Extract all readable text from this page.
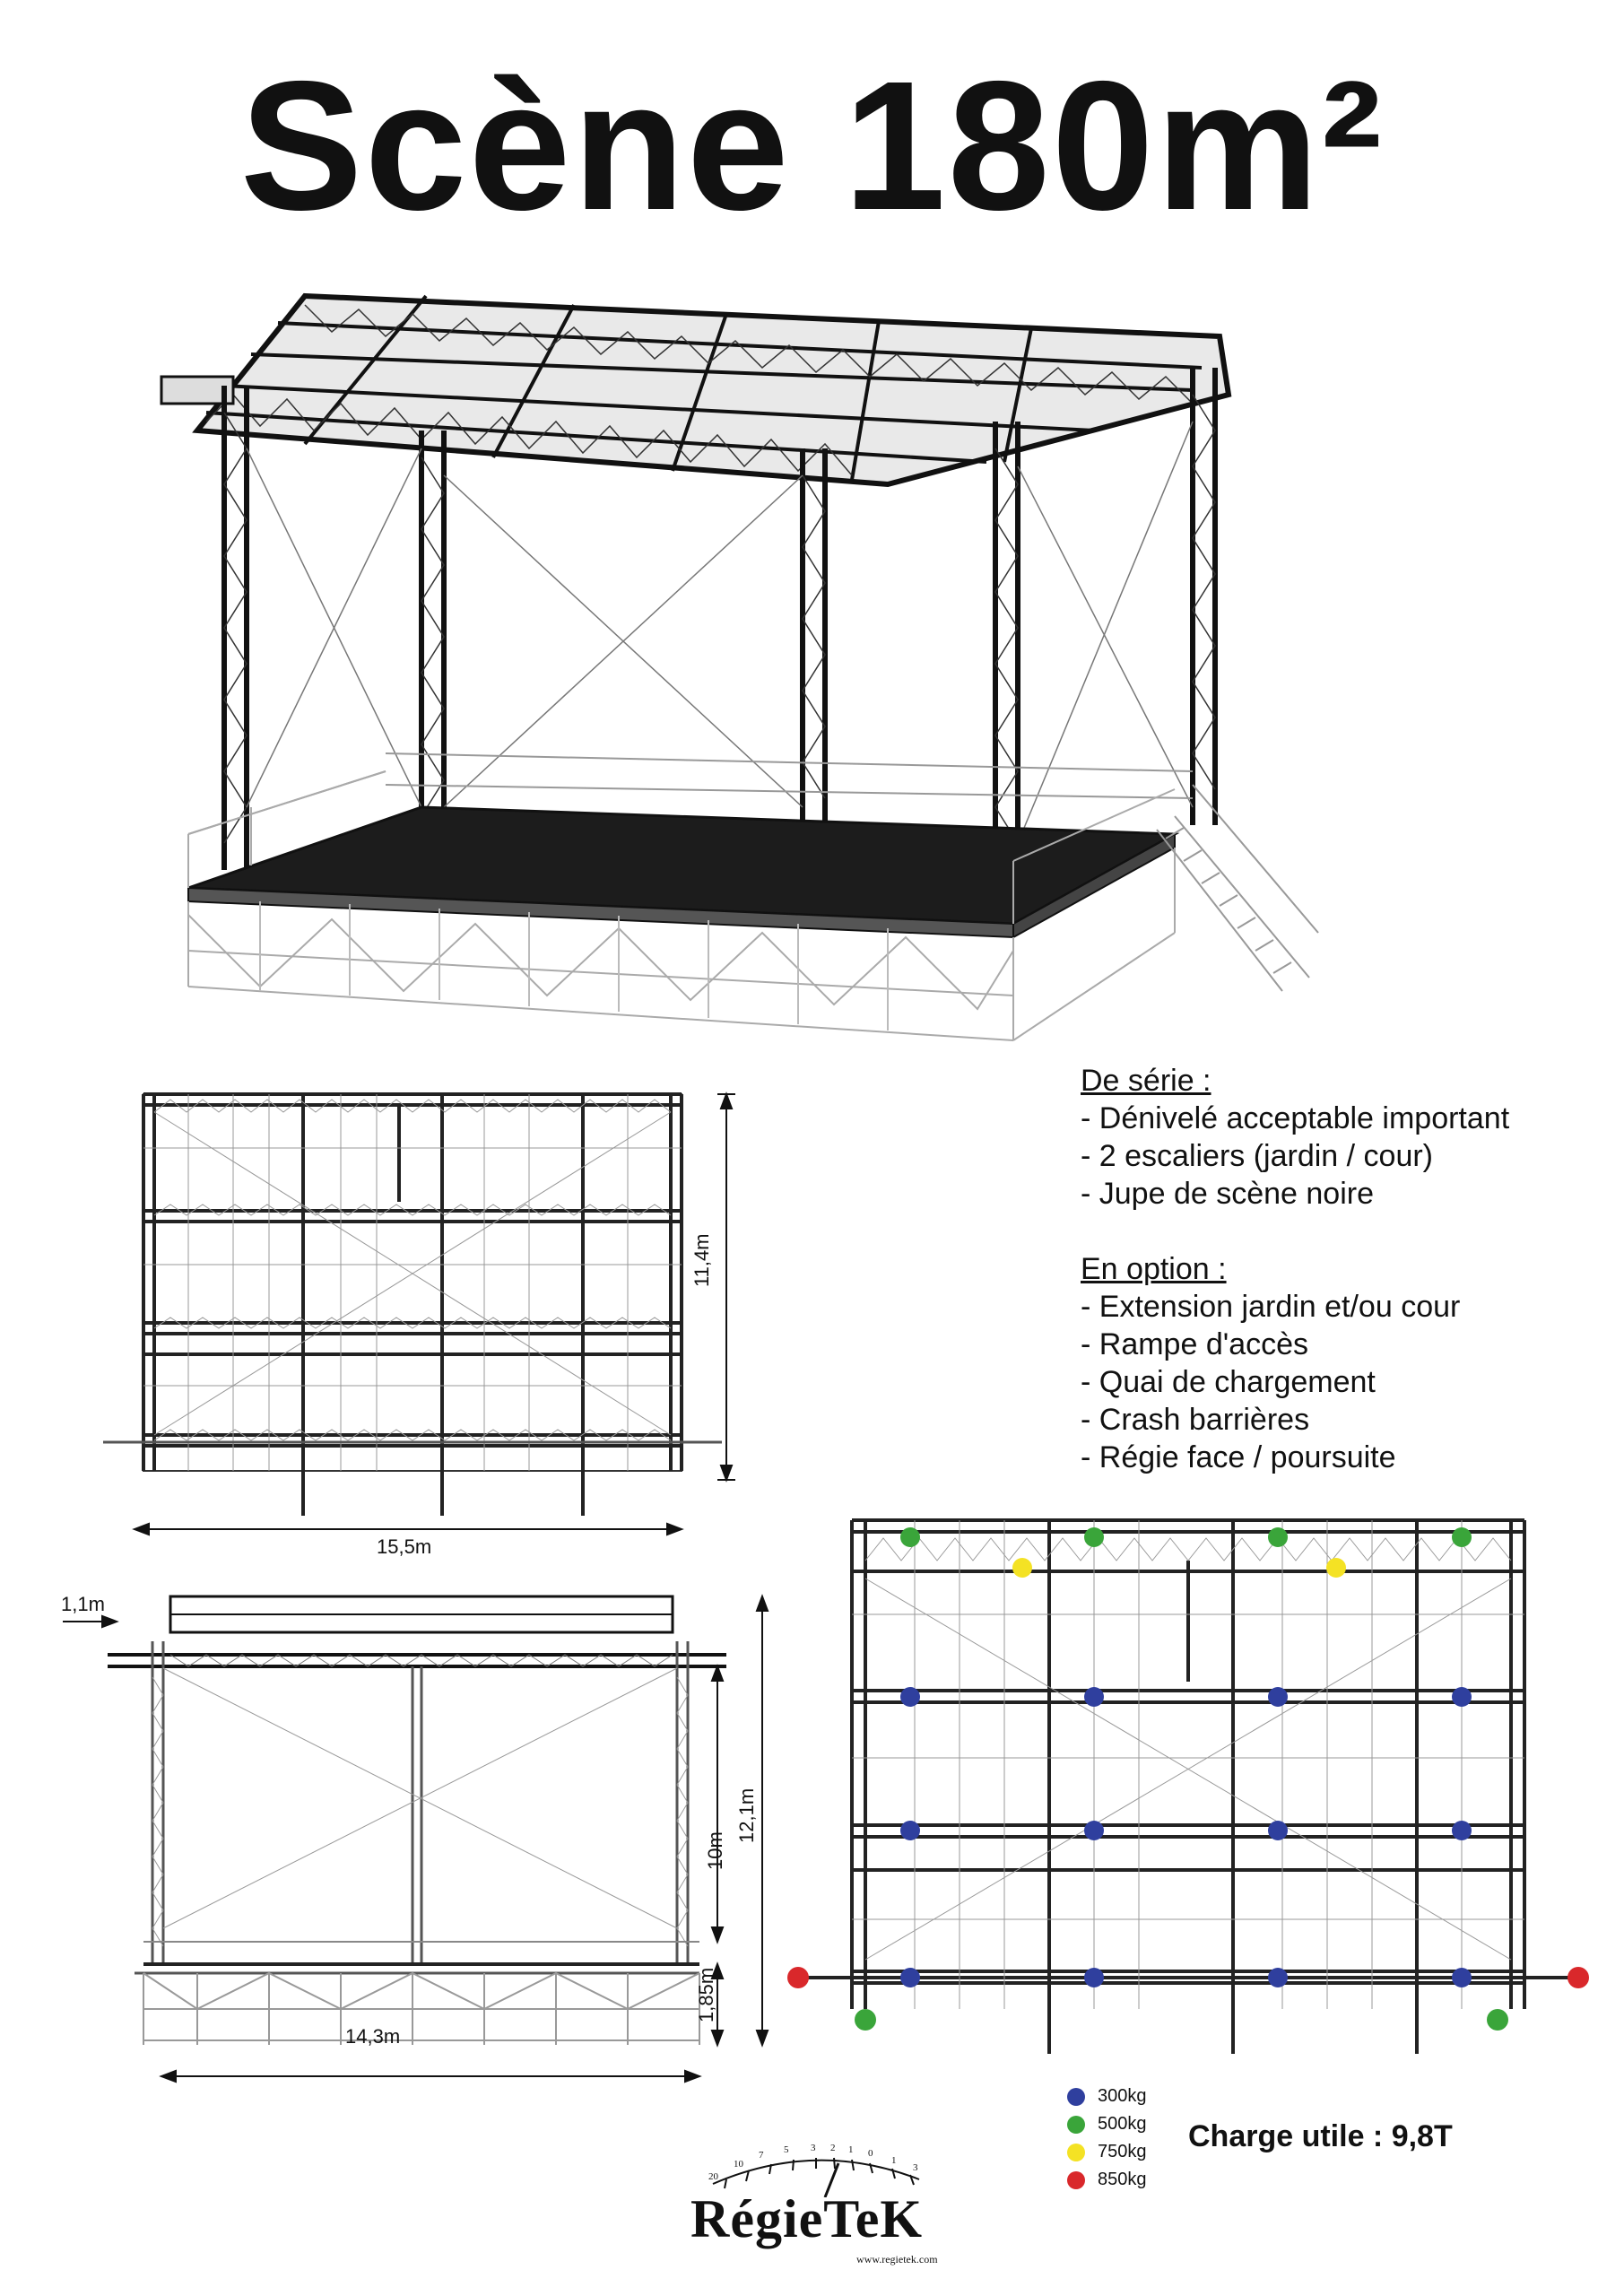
Scène 180m²
11,4m
15,5m
1,1m
12,1m
10m
1,85m
14,3m
De série :
- Dénivelé acceptable important
- 2 escaliers (jardin / cour)
- Jupe de scène noire
En option :
- Extension jardin et/ou cour
- Rampe d'accès
- Quai de chargement
- Crash barrières
- Régie face / poursuite
300kg
500kg
750kg
850kg
Charge utile : 9,8T
20
10
7 5 3 2 1 0
1
3
RégieTeK
www.regietek.com
